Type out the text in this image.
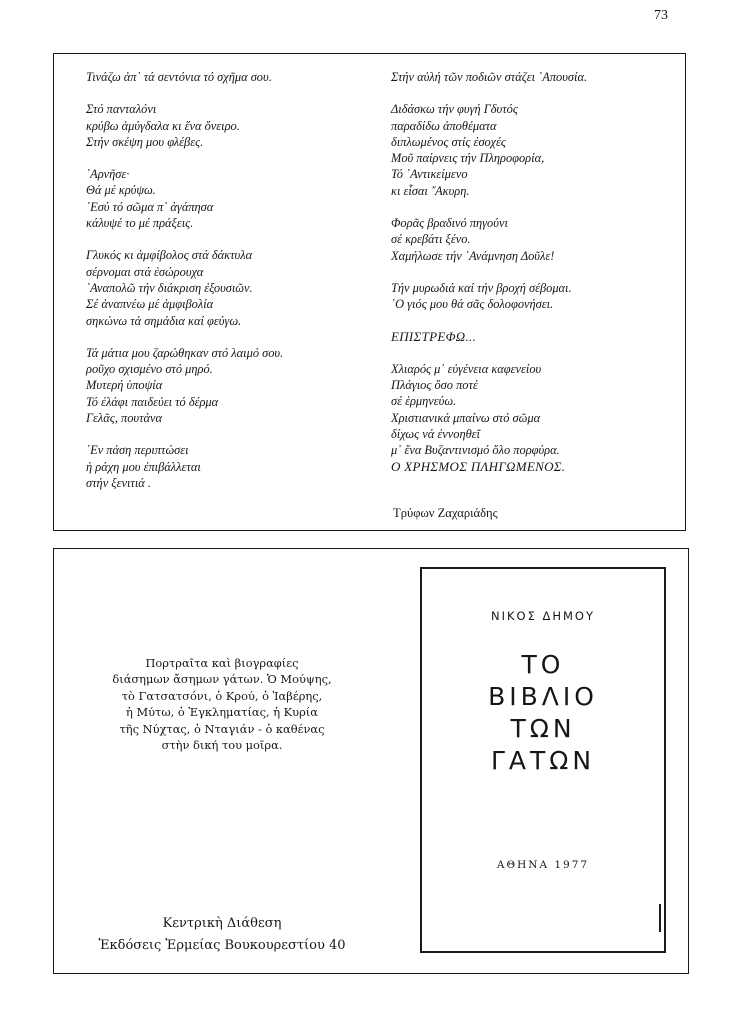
73
Τινάζω ἀπ᾿ τά σεντόνια τό σχῆμα σου.
Στό πανταλόνι
κρύβω ἀμύγδαλα κι ἕνα ὄνειρο.
Στήν σκέψη μου φλέβες.
᾿Αρνῆσε·
Θά μέ κρύψω.
᾿Εσύ τό σῶμα π᾿ ἀγάπησα
κάλυψέ το μέ πράξεις.
Γλυκός κι ἀμφίβολος στά δάκτυλα
σέρνομαι στά ἐσώρουχα
᾿Αναπολῶ τήν διάκριση ἐξουσιῶν.
Σέ ἀναπνέω μέ ἀμφιβολία
σηκώνω τά σημάδια καί φεύγω.
Τά μάτια μου ζαρώθηκαν στό λαιμό σου.
ροῦχο σχισμένο στό μηρό.
Μυτερή ὑποψία
Τό ἐλάφι παιδεύει τό δέρμα
Γελᾶς, πουτάνα
᾿Εν πάση περιπτώσει
ἡ ράχη μου ἐπιβάλλεται
στήν ξενιτιά .
Στήν αὐλή τῶν ποδιῶν στάζει ᾿Απουσία.
Διδάσκω τήν φυγή Γδυτός
παραδίδω ἀποθέματα
διπλωμένος στίς ἐσοχές
Μοῦ παίρνεις τήν Πληροφορία,
Τό ᾿Αντικείμενο
κι εἶσαι ῎Ακυρη.
Φορᾶς βραδινό πηγούνι
σέ κρεβάτι ξένο.
Χαμήλωσε τήν ᾿Ανάμνηση Δοῦλε!
Τήν μυρωδιά καί τήν βροχή σέβομαι.
᾿Ο γιός μου θά σᾶς δολοφονήσει.
ΕΠΙΣΤΡΕΦΩ...
Χλιαρός μ᾿ εὐγένεια καφενείου
Πλάγιος ὅσο ποτέ
σέ ἑρμηνεύω.
Χριστιανικά μπαίνω στό σῶμα
δίχως νά ἐννοηθεῖ
μ᾿ ἕνα Βυζαντινισμό ὅλο πορφύρα.
Ο ΧΡΗΣΜΟΣ ΠΛΗΓΩΜΕΝΟΣ.
Τρύφων Ζαχαριάδης
Πορτραῖτα καὶ βιογραφίες
διάσημων ἄσημων γάτων. Ὁ Μούψης,
τὸ Γατσατσόνι, ὁ Κρού, ὁ Ἰαβέρης,
ἡ Μύτω, ὁ Ἐγκληματίας, ἡ Κυρία
τῆς Νύχτας, ὁ Νταγιάν - ὁ καθένας
στὴν δική του μοῖρα.
Κεντρικὴ Διάθεση
Ἐκδόσεις Ἑρμείας Βουκουρεστίου 40
ΝΙΚΟΣ ΔΗΜΟΥ
ΤΟ
ΒΙΒΛΙΟ
ΤΩΝ
ΓΑΤΩΝ
ΑΘΗΝΑ 1977
